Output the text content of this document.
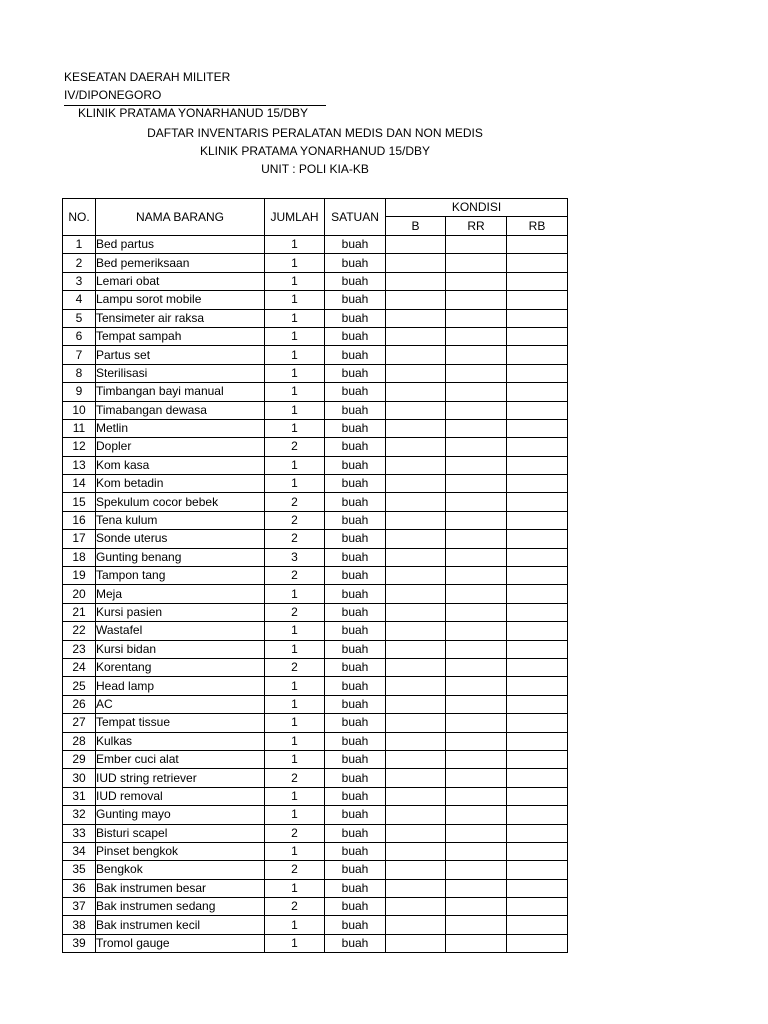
KESEATAN DAERAH MILITER IV/DIPONEGORO
KLINIK PRATAMA YONARHANUD 15/DBY
DAFTAR INVENTARIS PERALATAN MEDIS DAN NON MEDIS
KLINIK PRATAMA YONARHANUD 15/DBY
UNIT : POLI KIA-KB
NO.	NAMA BARANG	JUMLAH	SATUAN	KONDISI		
				B	RR	RB
1	Bed partus	1	buah			
2	Bed pemeriksaan	1	buah			
3	Lemari obat	1	buah			
4	Lampu sorot mobile	1	buah			
5	Tensimeter air raksa	1	buah			
6	Tempat sampah	1	buah			
7	Partus set	1	buah			
8	Sterilisasi	1	buah			
9	Timbangan bayi manual	1	buah			
10	Timabangan dewasa	1	buah			
11	Metlin	1	buah			
12	Dopler	2	buah			
13	Kom kasa	1	buah			
14	Kom betadin	1	buah			
15	Spekulum cocor bebek	2	buah			
16	Tena kulum	2	buah			
17	Sonde uterus	2	buah			
18	Gunting benang	3	buah			
19	Tampon tang	2	buah			
20	Meja	1	buah			
21	Kursi pasien	2	buah			
22	Wastafel	1	buah			
23	Kursi bidan	1	buah			
24	Korentang	2	buah			
25	Head lamp	1	buah			
26	AC	1	buah			
27	Tempat tissue	1	buah			
28	Kulkas	1	buah			
29	Ember cuci alat	1	buah			
30	IUD string retriever	2	buah			
31	IUD removal	1	buah			
32	Gunting mayo	1	buah			
33	Bisturi scapel	2	buah			
34	Pinset bengkok	1	buah			
35	Bengkok	2	buah			
36	Bak instrumen besar	1	buah			
37	Bak instrumen sedang	2	buah			
38	Bak instrumen kecil	1	buah			
39	Tromol gauge	1	buah			
